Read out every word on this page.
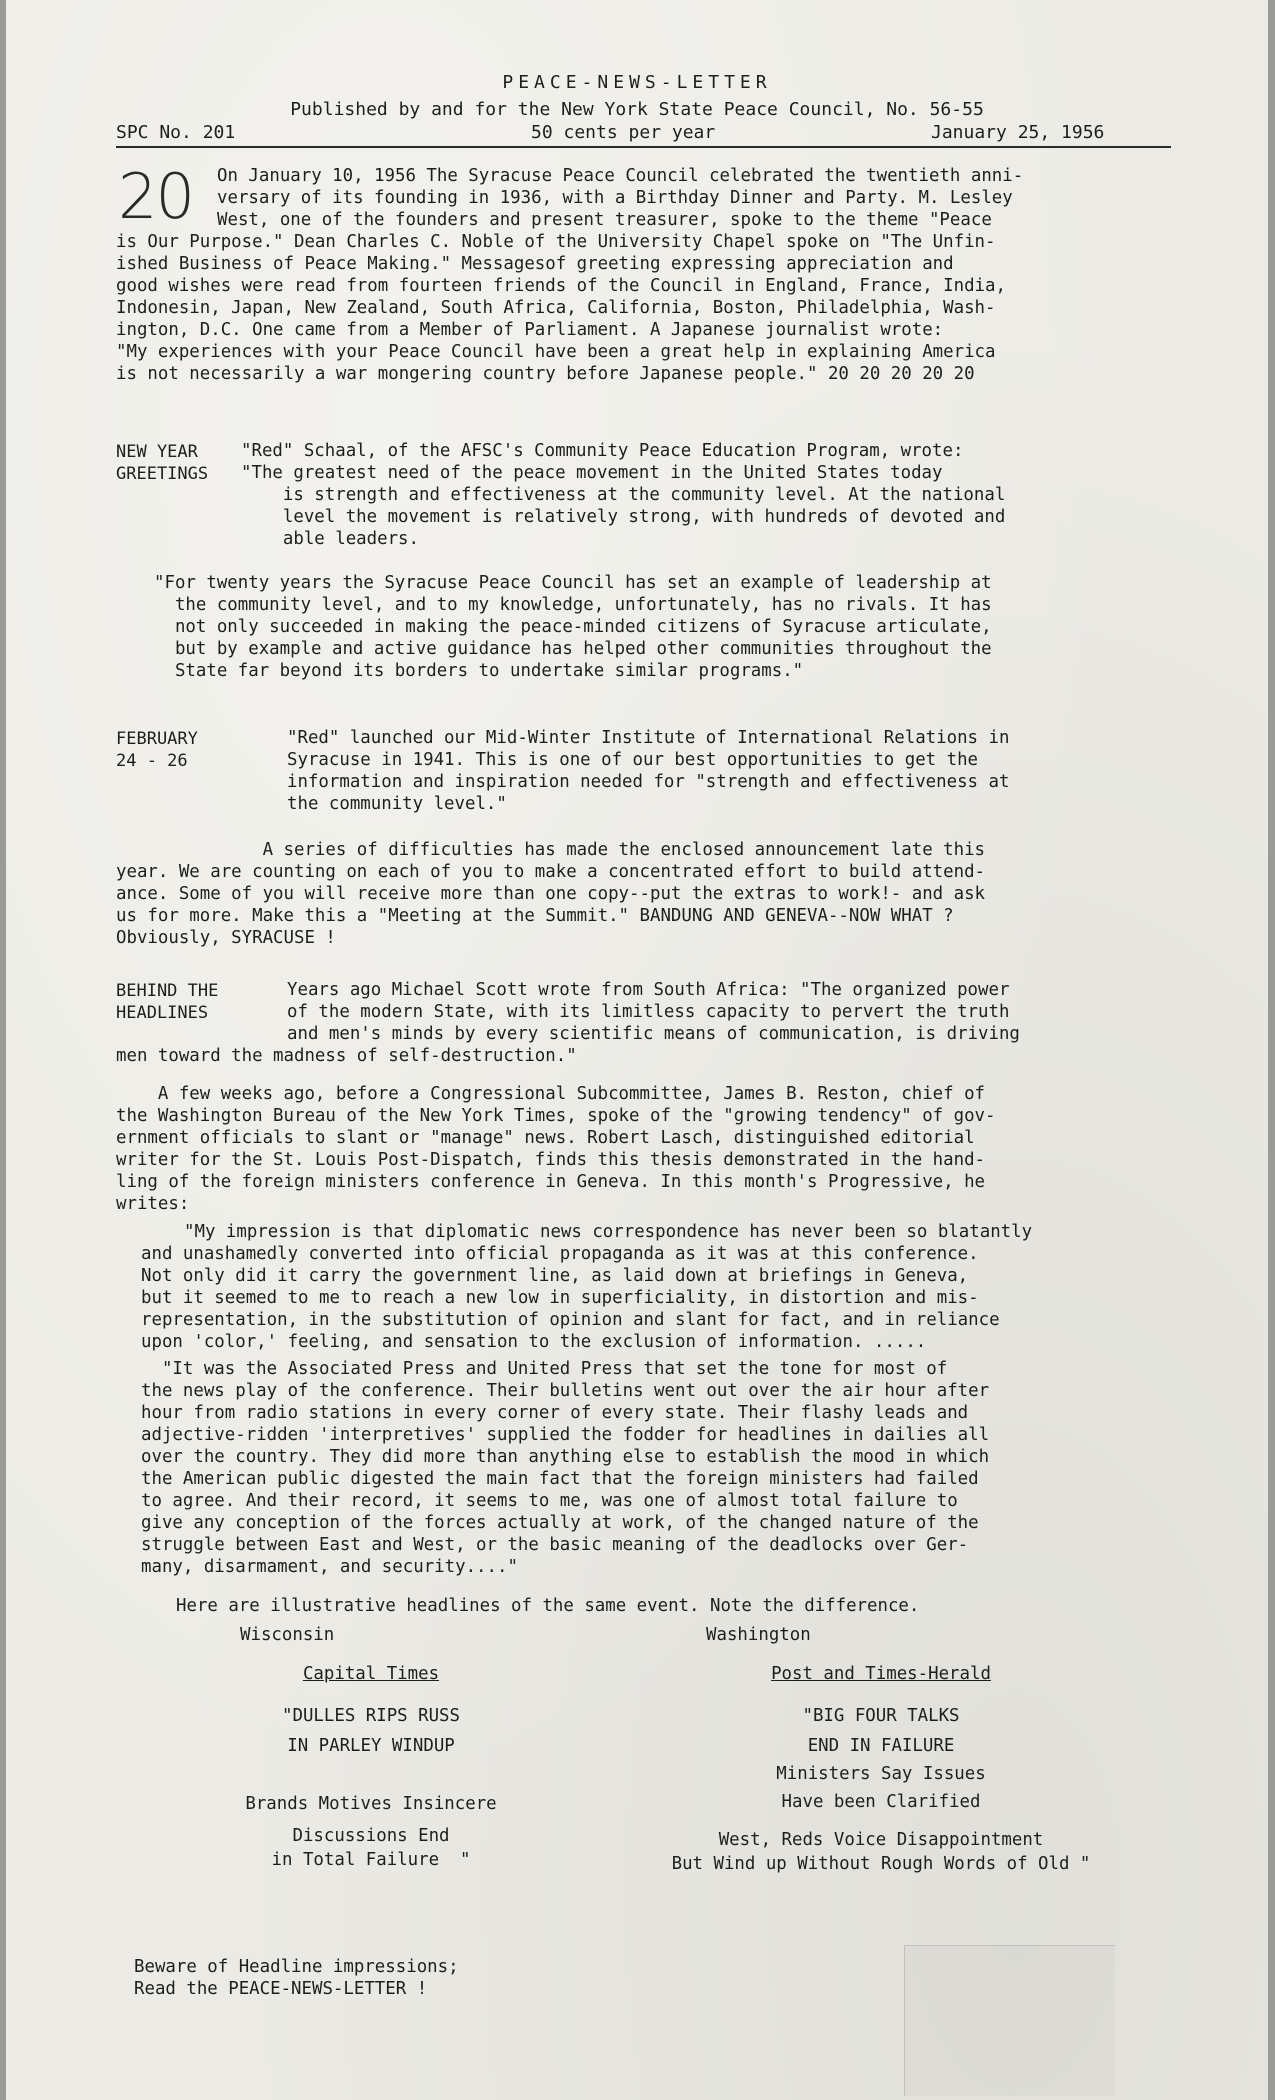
PEACE-NEWS-LETTER
Published by and for the New York State Peace Council, No. 56-55
SPC No. 201	50 cents per year	January 25, 1956
20 On January 10, 1956 The Syracuse Peace Council celebrated the twentieth anni-
versary of its founding in 1936, with a Birthday Dinner and Party. M. Lesley
West, one of the founders and present treasurer, spoke to the theme "Peace
is Our Purpose." Dean Charles C. Noble of the University Chapel spoke on "The Unfin-
ished Business of Peace Making." Messagesof greeting expressing appreciation and
good wishes were read from fourteen friends of the Council in England, France, India,
Indonesin, Japan, New Zealand, South Africa, California, Boston, Philadelphia, Wash-
ington, D.C. One came from a Member of Parliament. A Japanese journalist wrote:
"My experiences with your Peace Council have been a great help in explaining America
is not necessarily a war mongering country before Japanese people." 20 20 20 20 20
NEW YEAR
GREETINGS
"Red" Schaal, of the AFSC's Community Peace Education Program, wrote:
"The greatest need of the peace movement in the United States today
is strength and effectiveness at the community level. At the national
level the movement is relatively strong, with hundreds of devoted and
able leaders.
"For twenty years the Syracuse Peace Council has set an example of leadership at
the community level, and to my knowledge, unfortunately, has no rivals. It has
not only succeeded in making the peace-minded citizens of Syracuse articulate,
but by example and active guidance has helped other communities throughout the
State far beyond its borders to undertake similar programs."
FEBRUARY
24 - 26
"Red" launched our Mid-Winter Institute of International Relations in
Syracuse in 1941. This is one of our best opportunities to get the
information and inspiration needed for "strength and effectiveness at
the community level."
A series of difficulties has made the enclosed announcement late this
year. We are counting on each of you to make a concentrated effort to build attend-
ance. Some of you will receive more than one copy--put the extras to work!- and ask
us for more. Make this a "Meeting at the Summit." BANDUNG AND GENEVA--NOW WHAT ?
Obviously, SYRACUSE !
BEHIND THE
HEADLINES
Years ago Michael Scott wrote from South Africa: "The organized power
of the modern State, with its limitless capacity to pervert the truth
and men's minds by every scientific means of communication, is driving
men toward the madness of self-destruction."
A few weeks ago, before a Congressional Subcommittee, James B. Reston, chief of
the Washington Bureau of the New York Times, spoke of the "growing tendency" of gov-
ernment officials to slant or "manage" news. Robert Lasch, distinguished editorial
writer for the St. Louis Post-Dispatch, finds this thesis demonstrated in the hand-
ling of the foreign ministers conference in Geneva. In this month's Progressive, he
writes:
"My impression is that diplomatic news correspondence has never been so blatantly
and unashamedly converted into official propaganda as it was at this conference.
Not only did it carry the government line, as laid down at briefings in Geneva,
but it seemed to me to reach a new low in superficiality, in distortion and mis-
representation, in the substitution of opinion and slant for fact, and in reliance
upon 'color,' feeling, and sensation to the exclusion of information. .....
"It was the Associated Press and United Press that set the tone for most of
the news play of the conference. Their bulletins went out over the air hour after
hour from radio stations in every corner of every state. Their flashy leads and
adjective-ridden 'interpretives' supplied the fodder for headlines in dailies all
over the country. They did more than anything else to establish the mood in which
the American public digested the main fact that the foreign ministers had failed
to agree. And their record, it seems to me, was one of almost total failure to
give any conception of the forces actually at work, of the changed nature of the
struggle between East and West, or the basic meaning of the deadlocks over Ger-
many, disarmament, and security...."
Here are illustrative headlines of the same event. Note the difference.
Wisconsin
Capital Times
"DULLES RIPS RUSS
IN PARLEY WINDUP
Brands Motives Insincere
Discussions End
in Total Failure  "
Washington
Post and Times-Herald
"BIG FOUR TALKS
END IN FAILURE
Ministers Say Issues
Have been Clarified
West, Reds Voice Disappointment
But Wind up Without Rough Words of Old "
Beware of Headline impressions;
Read the PEACE-NEWS-LETTER !
